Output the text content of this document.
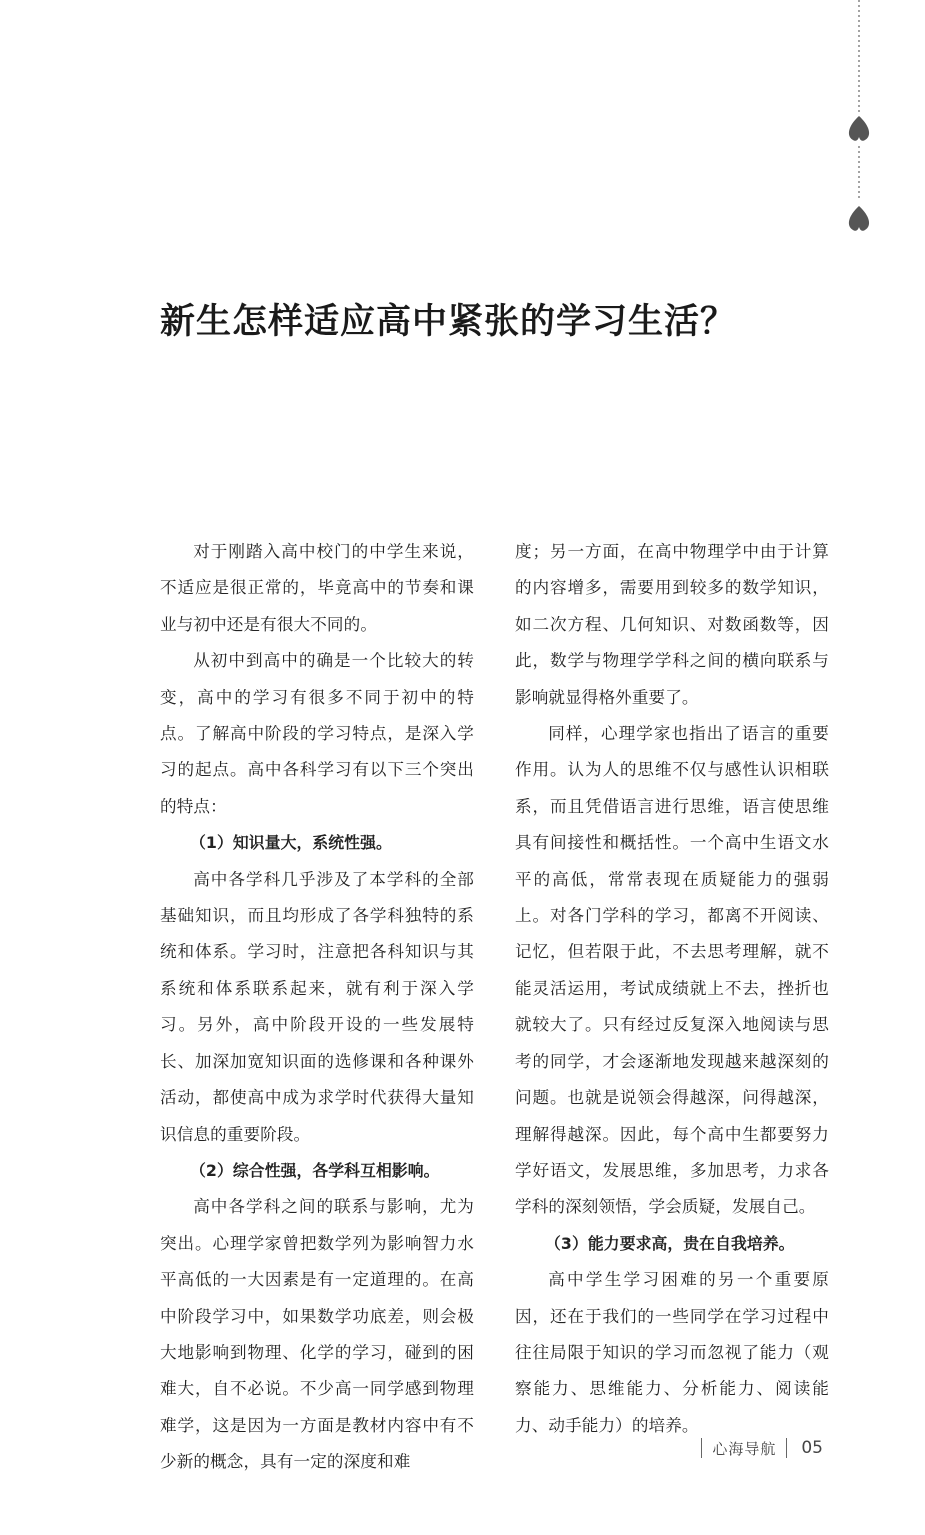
新生怎样适应高中紧张的学习生活？

对于刚踏入高中校门的中学生来说，不适应是很正常的，毕竟高中的节奏和课业与初中还是有很大不同的。

从初中到高中的确是一个比较大的转变，高中的学习有很多不同于初中的特点。了解高中阶段的学习特点，是深入学习的起点。高中各科学习有以下三个突出的特点：

（1）知识量大，系统性强。

高中各学科几乎涉及了本学科的全部基础知识，而且均形成了各学科独特的系统和体系。学习时，注意把各科知识与其系统和体系联系起来，就有利于深入学习。另外，高中阶段开设的一些发展特长、加深加宽知识面的选修课和各种课外活动，都使高中成为求学时代获得大量知识信息的重要阶段。

（2）综合性强，各学科互相影响。

高中各学科之间的联系与影响，尤为突出。心理学家曾把数学列为影响智力水平高低的一大因素是有一定道理的。在高中阶段学习中，如果数学功底差，则会极大地影响到物理、化学的学习，碰到的困难大，自不必说。不少高一同学感到物理难学，这是因为一方面是教材内容中有不少新的概念，具有一定的深度和难

度；另一方面，在高中物理学中由于计算的内容增多，需要用到较多的数学知识，如二次方程、几何知识、对数函数等，因此，数学与物理学学科之间的横向联系与影响就显得格外重要了。

同样，心理学家也指出了语言的重要作用。认为人的思维不仅与感性认识相联系，而且凭借语言进行思维，语言使思维具有间接性和概括性。一个高中生语文水平的高低，常常表现在质疑能力的强弱上。对各门学科的学习，都离不开阅读、记忆，但若限于此，不去思考理解，就不能灵活运用，考试成绩就上不去，挫折也就较大了。只有经过反复深入地阅读与思考的同学，才会逐渐地发现越来越深刻的问题。也就是说领会得越深，问得越深，理解得越深。因此，每个高中生都要努力学好语文，发展思维，多加思考，力求各学科的深刻领悟，学会质疑，发展自己。

（3）能力要求高，贵在自我培养。

高中学生学习困难的另一个重要原因，还在于我们的一些同学在学习过程中往往局限于知识的学习而忽视了能力（观察能力、思维能力、分析能力、阅读能力、动手能力）的培养。

心海导航 05
